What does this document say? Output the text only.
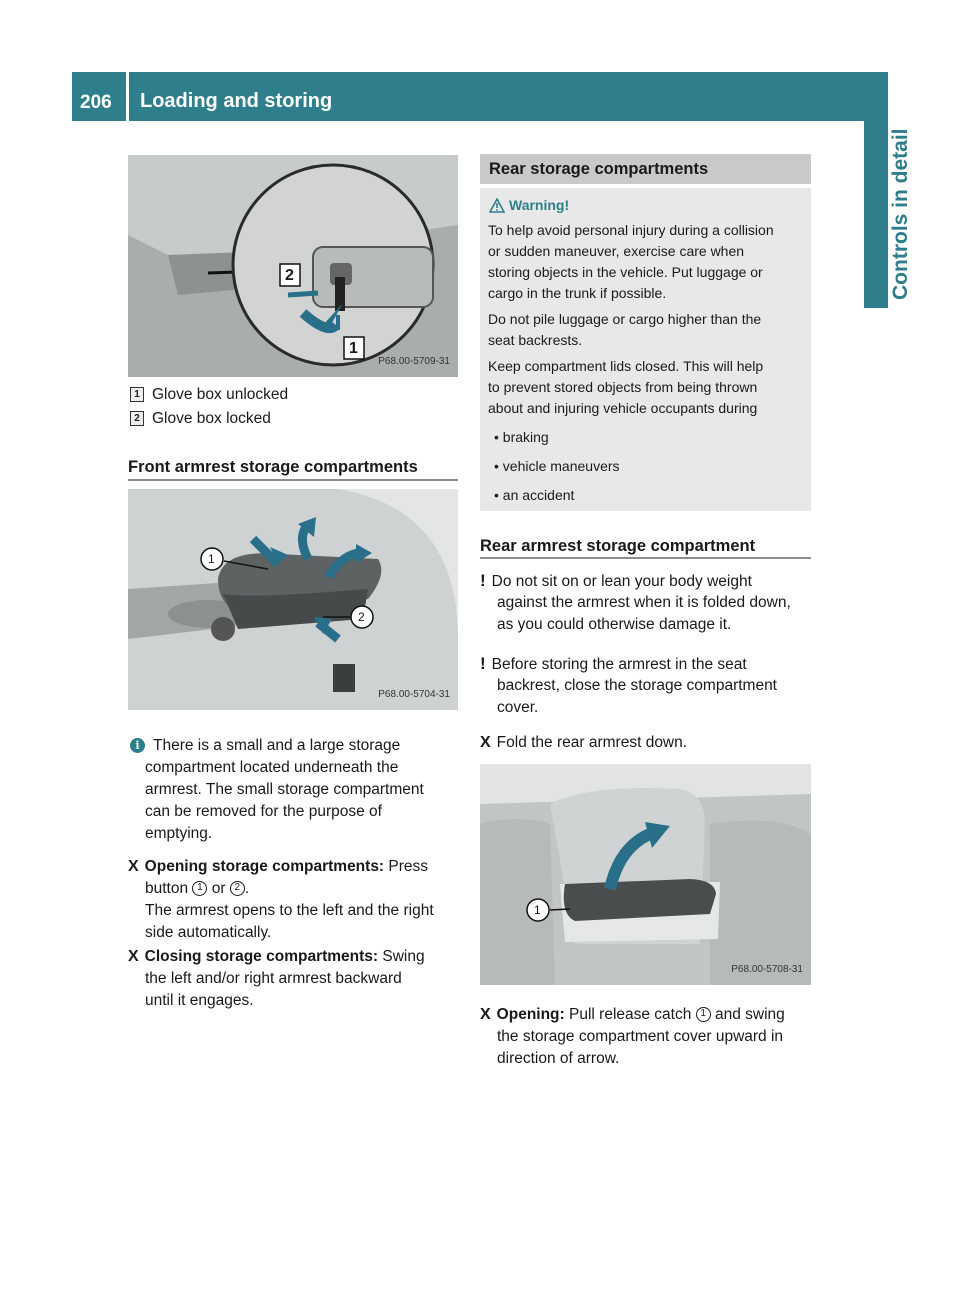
206 Loading and storing
Controls in detail
2
1
P68.00-5709-31
1 Glove box unlocked
2 Glove box locked
Front armrest storage compartments
1
2
P68.00-5704-31
i There is a small and a large storage
compartment located underneath the
armrest. The small storage compartment
can be removed for the purpose of
emptying.
X Opening storage compartments: Press
button 1 or 2 .
The armrest opens to the left and the right
side automatically.
X Closing storage compartments: Swing
the left and/or right armrest backward
until it engages.
Rear storage compartments
Warning!
To help avoid personal injury during a collision
or sudden maneuver, exercise care when
storing objects in the vehicle. Put luggage or
cargo in the trunk if possible.
Do not pile luggage or cargo higher than the
seat backrests.
Keep compartment lids closed. This will help
to prevent stored objects from being thrown
about and injuring vehicle occupants during
• braking
• vehicle maneuvers
• an accident
Rear armrest storage compartment
! Do not sit on or lean your body weight
against the armrest when it is folded down,
as you could otherwise damage it.
! Before storing the armrest in the seat
backrest, close the storage compartment
cover.
X Fold the rear armrest down.
1
P68.00-5708-31
X Opening: Pull release catch 1 and swing
the storage compartment cover upward in
direction of arrow.
